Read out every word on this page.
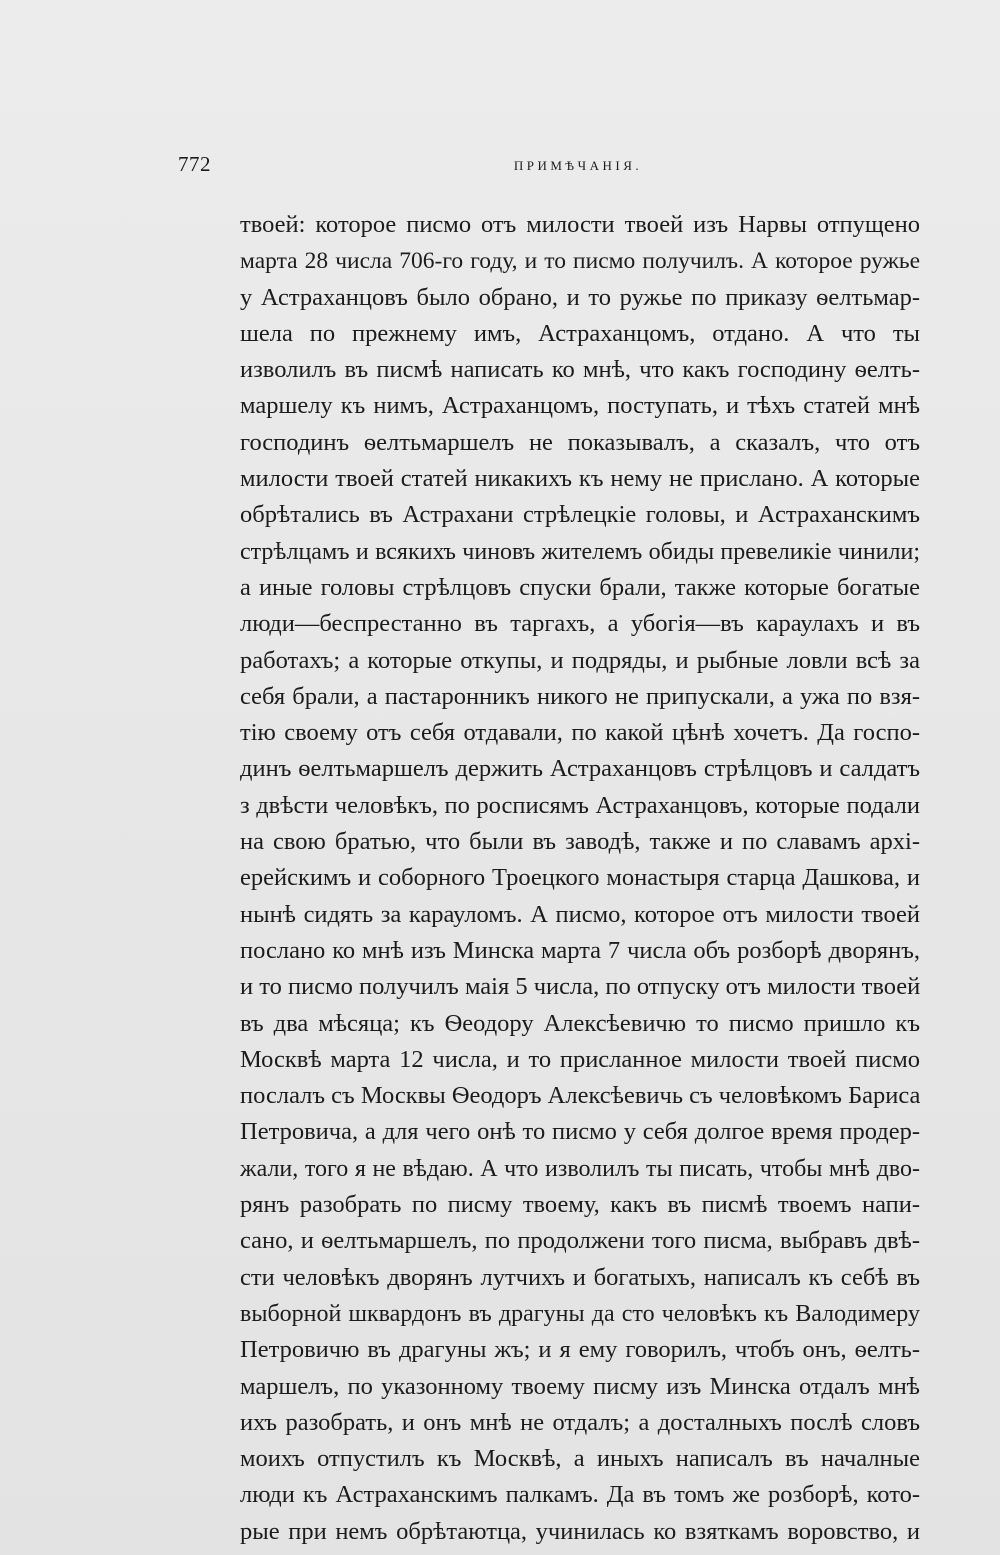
772	ПРИМѢЧАНІЯ.
твоей: которое писмо отъ милости твоей изъ Нарвы отпущено
марта 28 числа 706-го году, и то писмо получилъ. А которое ружье
у Астраханцовъ было обрано, и то ружье по приказу ѳелтьмар-
шела по прежнему имъ, Астраханцомъ, отдано. А что ты
изволилъ въ писмѣ написать ко мнѣ, что какъ господину ѳелть-
маршелу къ нимъ, Астраханцомъ, поступать, и тѣхъ статей мнѣ
господинъ ѳелтьмаршелъ не показывалъ, а сказалъ, что отъ
милости твоей статей никакихъ къ нему не прислано. А которые
обрѣтались въ Астрахани стрѣлецкіе головы, и Астраханскимъ
стрѣлцамъ и всякихъ чиновъ жителемъ обиды превеликіе чинили;
а иные головы стрѣлцовъ спуски брали, также которые богатые
люди—беспрестанно въ таргахъ, а убогія—въ караулахъ и въ
работахъ; а которые откупы, и подряды, и рыбные ловли всѣ за
себя брали, а пастаронникъ никого не припускали, а ужа по взя-
тію своему отъ себя отдавали, по какой цѣнѣ хочетъ. Да госпо-
динъ ѳелтьмаршелъ держить Астраханцовъ стрѣлцовъ и салдатъ
з двѣсти человѣкъ, по росписямъ Астраханцовъ, которые подали
на свою братью, что были въ заводѣ, также и по славамъ архі-
ерейскимъ и соборного Троецкого монастыря старца Дашкова, и
нынѣ сидять за карауломъ. А писмо, которое отъ милости твоей
послано ко мнѣ изъ Минска марта 7 числа объ розборѣ дворянъ,
и то писмо получилъ маія 5 числа, по отпуску отъ милости твоей
въ два мѣсяца; къ Ѳеодору Алексѣевичю то писмо пришло къ
Москвѣ марта 12 числа, и то присланное милости твоей писмо
послалъ съ Москвы Ѳеодоръ Алексѣевичь съ человѣкомъ Бариса
Петровича, а для чего онѣ то писмо у себя долгое время продер-
жали, того я не вѣдаю. А что изволилъ ты писать, чтобы мнѣ дво-
рянъ разобрать по писму твоему, какъ въ писмѣ твоемъ напи-
сано, и ѳелтьмаршелъ, по продолжени того писма, выбравъ двѣ-
сти человѣкъ дворянъ лутчихъ и богатыхъ, написалъ къ себѣ въ
выборной шквардонъ въ драгуны да сто человѣкъ къ Валодимеру
Петровичю въ драгуны жъ; и я ему говорилъ, чтобъ онъ, ѳелть-
маршелъ, по указонному твоему писму изъ Минска отдалъ мнѣ
ихъ разобрать, и онъ мнѣ не отдалъ; а досталныхъ послѣ словъ
моихъ отпустилъ къ Москвѣ, а иныхъ написалъ въ началные
люди къ Астраханскимъ палкамъ. Да въ томъ же розборѣ, кото-
рые при немъ обрѣтаютца, учинилась ко взяткамъ воровство, и
